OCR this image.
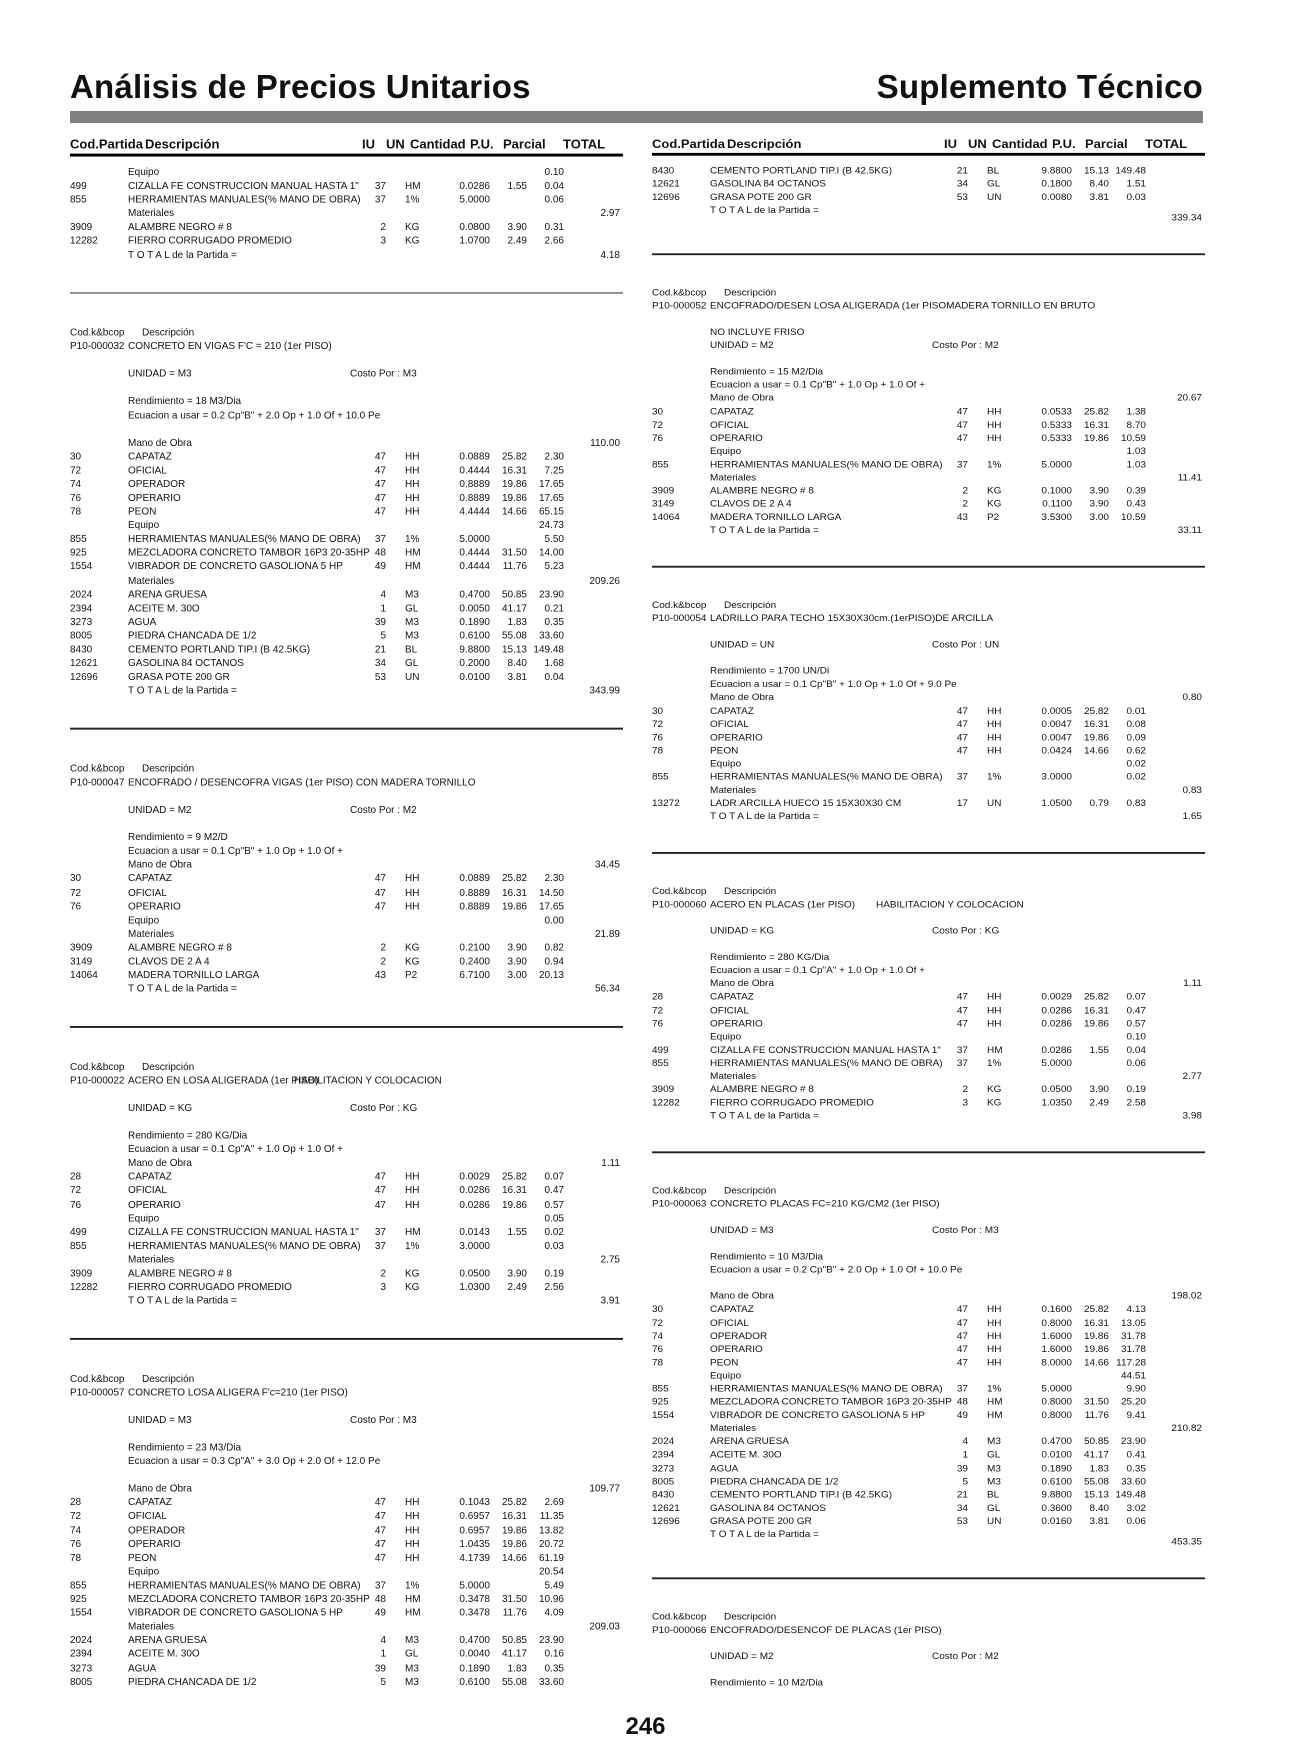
Análisis de Precios Unitarios	Suplemento Técnico
Cod.Partida Descripción	IU UN Cantidad P.U. Parcial TOTAL
Equipo	0.10
499	CIZALLA FE CONSTRUCCION MANUAL HASTA 1"	37 HM	0.0286	1.55	0.04
855	HERRAMIENTAS MANUALES(% MANO DE OBRA)	37 1%	5.0000	0.06
Materiales	2.97
3909	ALAMBRE NEGRO # 8	2 KG	0.0800	3.90	0.31
12282	FIERRO CORRUGADO PROMEDIO	3 KG	1.0700	2.49	2.66
T O T A L de la Partida =	4.18
Cod.k&bcop Descripción
P10-000032 CONCRETO EN VIGAS F'C = 210 (1er PISO)
UNIDAD = M3	Costo Por : M3
Rendimiento = 18 M3/Dia
Ecuacion a usar = 0.2 Cp"B" + 2.0 Op + 1.0 Of + 10.0 Pe
Mano de Obra	110.00
30	CAPATAZ	47 HH	0.0889	25.82	2.30
72	OFICIAL	47 HH	0.4444	16.31	7.25
74	OPERADOR	47 HH	0.8889	19.86	17.65
76	OPERARIO	47 HH	0.8889	19.86	17.65
78	PEON	47 HH	4.4444	14.66	65.15
Equipo	24.73
855	HERRAMIENTAS MANUALES(% MANO DE OBRA)	37 1%	5.0000	5.50
925	MEZCLADORA CONCRETO TAMBOR 16P3 20-35HP 48 HM	0.4444	31.50	14.00
1554	VIBRADOR DE CONCRETO GASOLIONA 5 HP	49 HM	0.4444	11.76	5.23
Materiales	209.26
2024	ARENA GRUESA	4 M3	0.4700	50.85	23.90
2394	ACEITE M. 30O	1 GL	0.0050	41.17	0.21
3273	AGUA	39 M3	0.1890	1.83	0.35
8005	PIEDRA CHANCADA DE 1/2	5 M3	0.6100	55.08	33.60
8430	CEMENTO PORTLAND TIP.I (B 42.5KG)	21 BL	9.8800	15.13 149.48
12621	GASOLINA 84 OCTANOS	34 GL	0.2000	8.40	1.68
12696	GRASA POTE 200 GR	53 UN	0.0100	3.81	0.04
T O T A L de la Partida =	343.99
Cod.k&bcop Descripción
P10-000047 ENCOFRADO / DESENCOFRA VIGAS (1er PISO) CON MADERA TORNILLO
UNIDAD = M2	Costo Por : M2
Rendimiento = 9 M2/D
Ecuacion a usar = 0.1 Cp"B" + 1.0 Op + 1.0 Of +
Mano de Obra	34.45
30	CAPATAZ	47 HH	0.0889	25.82	2.30
72	OFICIAL	47 HH	0.8889	16.31	14.50
76	OPERARIO	47 HH	0.8889	19.86	17.65
Equipo	0.00
Materiales	21.89
3909	ALAMBRE NEGRO # 8	2 KG	0.2100	3.90	0.82
3149	CLAVOS DE 2 A 4	2 KG	0.2400	3.90	0.94
14064	MADERA TORNILLO LARGA	43 P2	6.7100	3.00	20.13
T O T A L de la Partida =	56.34
Cod.k&bcop Descripción
P10-000022 ACERO EN LOSA ALIGERADA (1er PISO)
HABILITACION Y COLOCACION
UNIDAD = KG	Costo Por : KG
Rendimiento = 280 KG/Dia
Ecuacion a usar = 0.1 Cp"A" + 1.0 Op + 1.0 Of +
Mano de Obra	1.11
28	CAPATAZ	47 HH	0.0029	25.82	0.07
72	OFICIAL	47 HH	0.0286	16.31	0.47
76	OPERARIO	47 HH	0.0286	19.86	0.57
Equipo	0.05
499	CIZALLA FE CONSTRUCCION MANUAL HASTA 1"	37 HM	0.0143	1.55	0.02
855	HERRAMIENTAS MANUALES(% MANO DE OBRA)	37 1%	3.0000	0.03
Materiales	2.75
3909	ALAMBRE NEGRO # 8	2 KG	0.0500	3.90	0.19
12282	FIERRO CORRUGADO PROMEDIO	3 KG	1.0300	2.49	2.56
T O T A L de la Partida =	3.91
Cod.k&bcop Descripción
P10-000057 CONCRETO LOSA ALIGERA F'c=210 (1er PISO)
UNIDAD = M3	Costo Por : M3
Rendimiento = 23 M3/Dia
Ecuacion a usar = 0.3 Cp"A" + 3.0 Op + 2.0 Of + 12.0 Pe
Mano de Obra	109.77
28	CAPATAZ	47 HH	0.1043	25.82	2.69
72	OFICIAL	47 HH	0.6957	16.31	11.35
74	OPERADOR	47 HH	0.6957	19.86	13.82
76	OPERARIO	47 HH	1.0435	19.86	20.72
78	PEON	47 HH	4.1739	14.66	61.19
Equipo	20.54
855	HERRAMIENTAS MANUALES(% MANO DE OBRA)	37 1%	5.0000	5.49
925	MEZCLADORA CONCRETO TAMBOR 16P3 20-35HP 48 HM	0.3478	31.50	10.96
1554	VIBRADOR DE CONCRETO GASOLIONA 5 HP	49 HM	0.3478	11.76	4.09
Materiales	209.03
2024	ARENA GRUESA	4 M3	0.4700	50.85	23.90
2394	ACEITE M. 30O	1 GL	0.0040	41.17	0.16
3273	AGUA	39 M3	0.1890	1.83	0.35
8005	PIEDRA CHANCADA DE 1/2	5 M3	0.6100	55.08	33.60
Cod.Partida Descripción	IU UN Cantidad P.U. Parcial TOTAL
8430	CEMENTO PORTLAND TIP.I (B 42.5KG)	21 BL	9.8800	15.13 149.48
12621	GASOLINA 84 OCTANOS	34 GL	0.1800	8.40	1.51
12696	GRASA POTE 200 GR	53 UN	0.0080	3.81	0.03
T O T A L de la Partida =
339.34
Cod.k&bcop Descripción
P10-000052 ENCOFRADO/DESEN LOSA ALIGERADA (1er PISOMADERA TORNILLO EN BRUTO
NO INCLUYE FRISO
UNIDAD = M2	Costo Por : M2
Rendimiento = 15 M2/Dia
Ecuacion a usar = 0.1 Cp"B" + 1.0 Op + 1.0 Of +
Mano de Obra	20.67
30	CAPATAZ	47 HH	0.0533	25.82	1.38
72	OFICIAL	47 HH	0.5333	16.31	8.70
76	OPERARIO	47 HH	0.5333	19.86	10.59
Equipo	1.03
855	HERRAMIENTAS MANUALES(% MANO DE OBRA)	37 1%	5.0000	1.03
Materiales	11.41
3909	ALAMBRE NEGRO # 8	2 KG	0.1000	3.90	0.39
3149	CLAVOS DE 2 A 4	2 KG	0.1100	3.90	0.43
14064	MADERA TORNILLO LARGA	43 P2	3.5300	3.00	10.59
T O T A L de la Partida =	33.11
Cod.k&bcop Descripción
P10-000054 LADRILLO PARA TECHO 15X30X30cm.(1erPISO)DE ARCILLA
UNIDAD = UN	Costo Por : UN
Rendimiento = 1700 UN/Di
Ecuacion a usar = 0.1 Cp"B" + 1.0 Op + 1.0 Of + 9.0 Pe
Mano de Obra	0.80
30	CAPATAZ	47 HH	0.0005	25.82	0.01
72	OFICIAL	47 HH	0.0047	16.31	0.08
76	OPERARIO	47 HH	0.0047	19.86	0.09
78	PEON	47 HH	0.0424	14.66	0.62
Equipo	0.02
855	HERRAMIENTAS MANUALES(% MANO DE OBRA)	37 1%	3.0000	0.02
Materiales	0.83
13272	LADR.ARCILLA HUECO 15 15X30X30 CM	17 UN	1.0500	0.79	0.83
T O T A L de la Partida =	1.65
Cod.k&bcop Descripción
P10-000060 ACERO EN PLACAS (1er PISO) HABILITACION Y COLOCACION
UNIDAD = KG	Costo Por : KG
Rendimiento = 280 KG/Dia
Ecuacion a usar = 0.1 Cp"A" + 1.0 Op + 1.0 Of +
Mano de Obra	1.11
28	CAPATAZ	47 HH	0.0029	25.82	0.07
72	OFICIAL	47 HH	0.0286	16.31	0.47
76	OPERARIO	47 HH	0.0286	19.86	0.57
Equipo	0.10
499	CIZALLA FE CONSTRUCCION MANUAL HASTA 1"	37 HM	0.0286	1.55	0.04
855	HERRAMIENTAS MANUALES(% MANO DE OBRA)	37 1%	5.0000	0.06
Materiales	2.77
3909	ALAMBRE NEGRO # 8	2 KG	0.0500	3.90	0.19
12282	FIERRO CORRUGADO PROMEDIO	3 KG	1.0350	2.49	2.58
T O T A L de la Partida =	3.98
Cod.k&bcop Descripción
P10-000063 CONCRETO PLACAS FC=210 KG/CM2 (1er PISO)
UNIDAD = M3	Costo Por : M3
Rendimiento = 10 M3/Dia
Ecuacion a usar = 0.2 Cp"B" + 2.0 Op + 1.0 Of + 10.0 Pe
Mano de Obra	198.02
30	CAPATAZ	47 HH	0.1600	25.82	4.13
72	OFICIAL	47 HH	0.8000	16.31	13.05
74	OPERADOR	47 HH	1.6000	19.86	31.78
76	OPERARIO	47 HH	1.6000	19.86	31.78
78	PEON	47 HH	8.0000	14.66 117.28
Equipo	44.51
855	HERRAMIENTAS MANUALES(% MANO DE OBRA)	37 1%	5.0000	9.90
925	MEZCLADORA CONCRETO TAMBOR 16P3 20-35HP 48 HM	0.8000	31.50	25.20
1554	VIBRADOR DE CONCRETO GASOLIONA 5 HP	49 HM	0.8000	11.76	9.41
Materiales	210.82
2024	ARENA GRUESA	4 M3	0.4700	50.85	23.90
2394	ACEITE M. 30O	1 GL	0.0100	41.17	0.41
3273	AGUA	39 M3	0.1890	1.83	0.35
8005	PIEDRA CHANCADA DE 1/2	5 M3	0.6100	55.08	33.60
8430	CEMENTO PORTLAND TIP.I (B 42.5KG)	21 BL	9.8800	15.13 149.48
12621	GASOLINA 84 OCTANOS	34 GL	0.3600	8.40	3.02
12696	GRASA POTE 200 GR	53 UN	0.0160	3.81	0.06
T O T A L de la Partida =
453.35
Cod.k&bcop Descripción
P10-000066 ENCOFRADO/DESENCOF DE PLACAS (1er PISO)
UNIDAD = M2	Costo Por : M2
Rendimiento = 10 M2/Dia
246
